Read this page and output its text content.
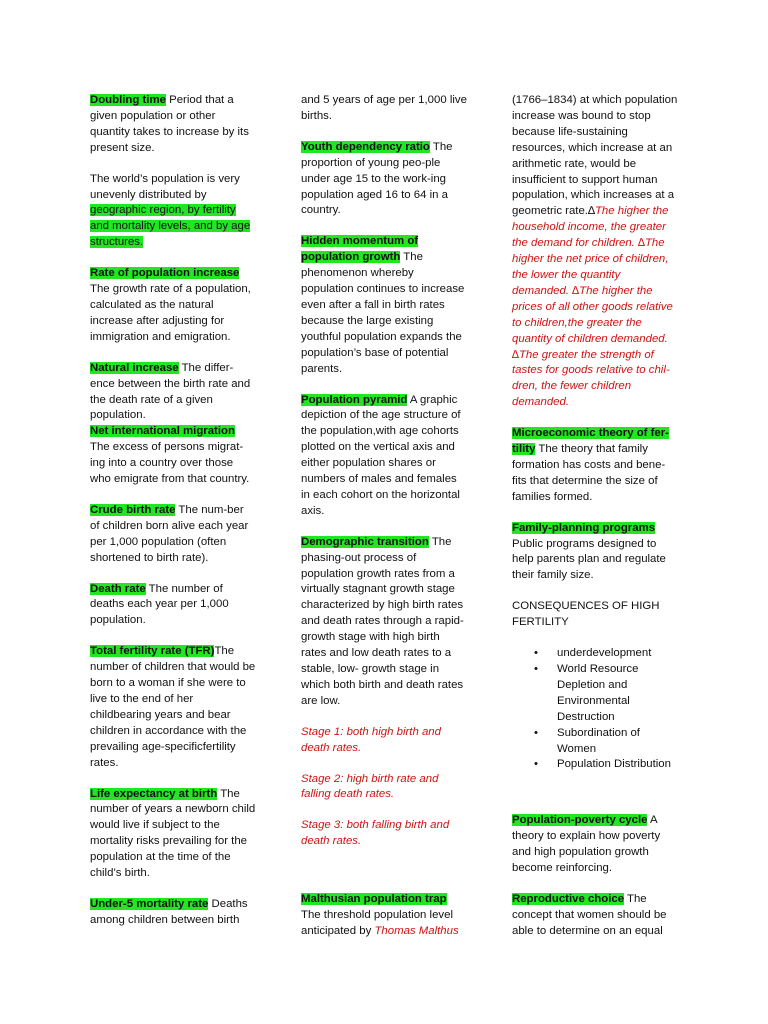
Doubling time Period that a given population or other quantity takes to increase by its present size.

The world’s population is very unevenly distributed by geographic region, by fertility and mortality levels, and by age structures.

Rate of population increase The growth rate of a population, calculated as the natural increase after adjusting for immigration and emigration.

Natural increase The differ-ence between the birth rate and the death rate of a given population.

Net international migration The excess of persons migrat-ing into a country over those who emigrate from that country.

Crude birth rate The num-ber of children born alive each year per 1,000 population (often shortened to birth rate).

Death rate The number of deaths each year per 1,000 population.

Total fertility rate (TFR)The number of children that would be born to a woman if she were to live to the end of her childbearing years and bear children in accordance with the prevailing age-specificfertility rates.

Life expectancy at birth The number of years a newborn child would live if subject to the mortality risks prevailing for the population at the time of the child’s birth.

Under-5 mortality rate Deaths among children between birth

and 5 years of age per 1,000 live births.

Youth dependency ratio The proportion of young peo-ple under age 15 to the work-ing population aged 16 to 64 in a country.

Hidden momentum of population growth The phenomenon whereby population continues to increase even after a fall in birth rates because the large existing youthful population expands the population’s base of potential parents.

Population pyramid A graphic depiction of the age structure of the population,with age cohorts plotted on the vertical axis and either population shares or numbers of males and females in each cohort on the horizontal axis.

Demographic transition The phasing-out process of population growth rates from a virtually stagnant growth stage characterized by high birth rates and death rates through a rapid-growth stage with high birth rates and low death rates to a stable, low- growth stage in which both birth and death rates are low.

Stage 1: both high birth and death rates.

Stage 2: high birth rate and falling death rates.

Stage 3: both falling birth and death rates.

Malthusian population trap The threshold population level anticipated by Thomas Malthus

(1766–1834) at which population increase was bound to stop because life-sustaining resources, which increase at an arithmetic rate, would be insufficient to support human population, which increases at a geometric rate.∆The higher the household income, the greater the demand for children. ∆The higher the net price of children, the lower the quantity demanded. ∆The higher the prices of all other goods relative to children,the greater the quantity of children demanded. ∆The greater the strength of tastes for goods relative to chil-dren, the fewer children demanded.

Microeconomic theory of fer-tility The theory that family formation has costs and bene-fits that determine the size of families formed.

Family-planning programs
Public programs designed to help parents plan and regulate their family size.

CONSEQUENCES OF HIGH FERTILITY

• underdevelopment
• World Resource Depletion and Environmental Destruction
• Subordination of Women
• Population Distribution

Population-poverty cycle A theory to explain how poverty and high population growth become reinforcing.

Reproductive choice The concept that women should be able to determine on an equal
